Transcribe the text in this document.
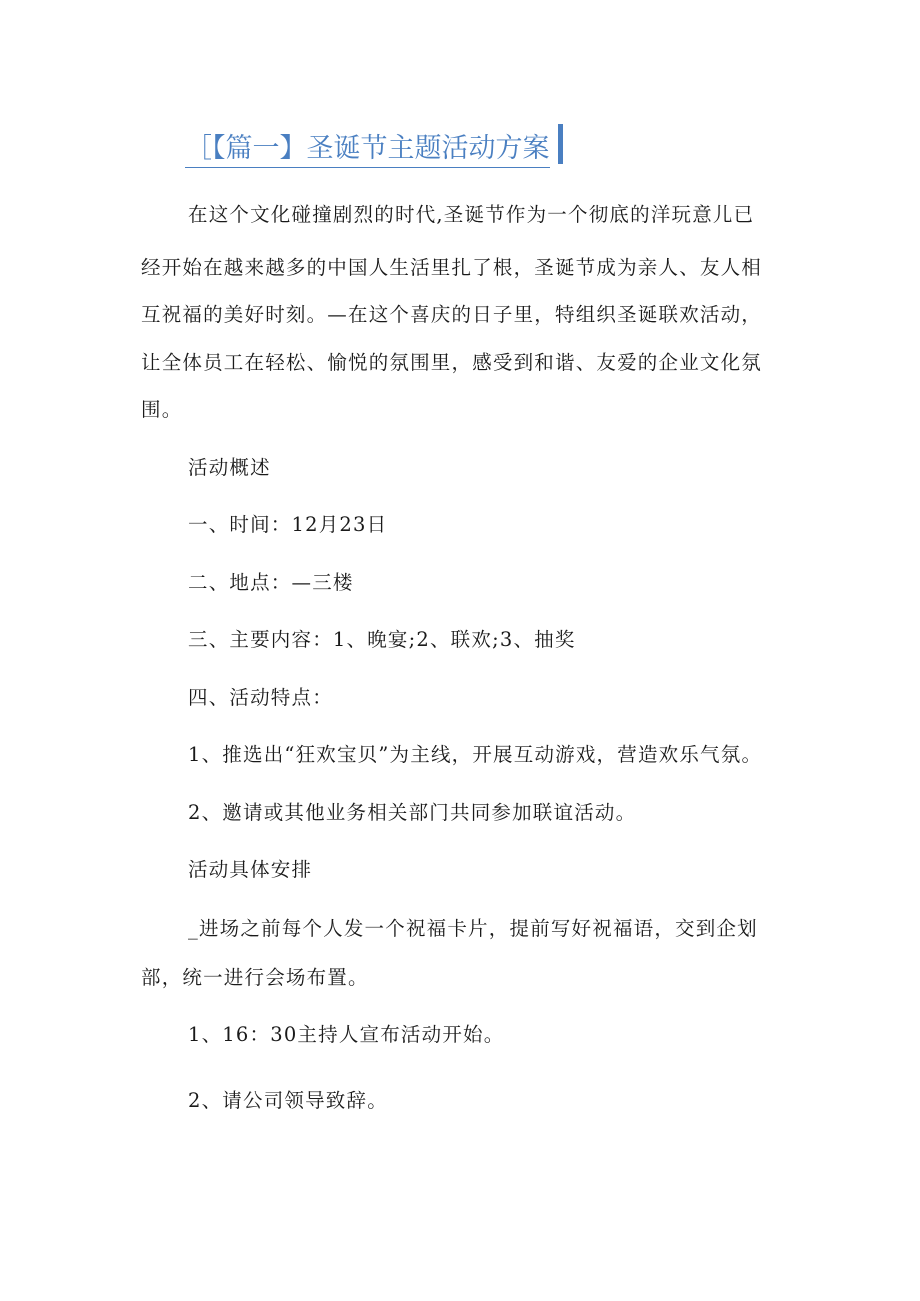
［【篇一】圣诞节主题活动方案
在这个文化碰撞剧烈的时代,圣诞节作为一个彻底的洋玩意儿已
经开始在越来越多的中国人生活里扎了根，圣诞节成为亲人、友人相
互祝福的美好时刻。—在这个喜庆的日子里，特组织圣诞联欢活动，
让全体员工在轻松、愉悦的氛围里，感受到和谐、友爱的企业文化氛
围。
活动概述
一、时间：12月23日
二、地点：—三楼
三、主要内容：1、晚宴;2、联欢;3、抽奖
四、活动特点：
1、推选出“狂欢宝贝”为主线，开展互动游戏，营造欢乐气氛。
2、邀请或其他业务相关部门共同参加联谊活动。
活动具体安排
_进场之前每个人发一个祝福卡片，提前写好祝福语，交到企划
部，统一进行会场布置。
1、16：30主持人宣布活动开始。
2、请公司领导致辞。
